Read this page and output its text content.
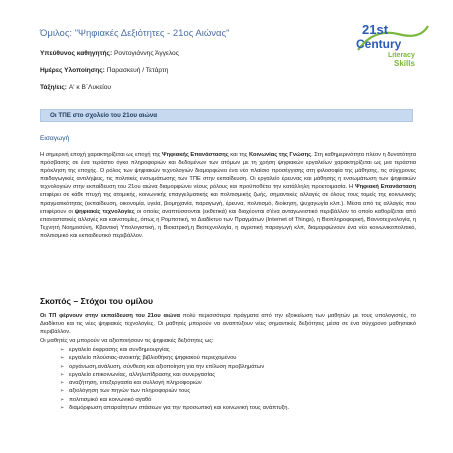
Όμιλος: "Ψηφιακές Δεξιότητες - 21ος Αιώνας"	21st
Century
Literacy
Skills
Υπεύθυνος καθηγητής: Ροντογιάννης Άγγελος
Ημέρες Υλοποίησης: Παρασκευή / Τετάρτη
Τάξη/εις: Α' κ Β΄Λυκείου
Οι ΤΠΕ στο σχολείο του 21ου αιώνα
Εισαγωγή
Η σημερινή εποχή χαρακτηρίζεται ως εποχή της Ψηφιακής Επανάστασης και της Κοινωνίας της Γνώσης. Στη καθημερινότητα πλέον η δυνατότητα πρόσβασης σε ένα τεράστιο όγκο πληροφοριών και δεδομένων των ατόμων με τη χρήση ψηφιακών εργαλείων χαρακτηρίζεται ως μια τεράστια πρόκληση της εποχής. Ο ρόλος των ψηφιακών τεχνολογιών διαμορφώνει ένα νέο πλαίσιο προσέγγισης στη φιλοσοφία της μάθησης, τις σύγχρονες παιδαγωγικές αντιλήψεις, τις πολιτικές ενσωμάτωσης των ΤΠΕ στην εκπαίδευση. Οι εργαλείο έρευνας και μάθησης η ενσωμάτωση των ψηφιακών τεχνολογιών στην εκπαίδευση του 21ου αιώνα διαμορφώνει νέους ρόλους και προϋποθέτει την κατάλληλη προετοιμασία. Η Ψηφιακή Επανάσταση επιφέρει σε κάθε πτυχή της ατομικής, κοινωνικής επαγγελματικής και πολιτισμικής ζωής, σημαντικές αλλαγές σε όλους τους τομείς της κοινωνικής πραγματικότητας (εκπαίδευση, οικονομία, υγεία, βιομηχανία, παραγωγή, έρευνα, πολιτισμό, διοίκηση, ψυχαγωγία κλπ.). Μέσα από τις αλλαγές που επιφέρουν οι ψηφιακές τεχνολογίες οι οποίες αναπτύσσονται (εκθετικά) και διαχέονται σ'ένα ανταγωνιστικό περιβάλλον το οποίο καθορίζεται από επαναστατικές αλλαγές και καινοτομίες, όπως η Ρομποτική, το Διαδίκτυο των Πραγμάτων (Internet of Things), η Βιοπληροφορική, Βαννοτεχνολογία, η Τεχνητή Νοημοσύνη, Κβαντική Υπολογιστική, η Βιοιατρική,η Βιοτεχνολογία, η αγροτική παραγωγή κλπ, διαμορφώνουν ένα νέο κοινωνικοπολιτικό, πολιτισμικό και εκπαιδευτικό περιβάλλον.
Σκοπός – Στόχοι του ομίλου
Οι ΤΠ φέρνουν στην εκπαίδευση του 21ου αιώνα πολύ περισσότερα πράγματα από την εξοικείωση των μαθητών με τους υπολογιστές, το Διαδίκτυο και τις νέες ψηφιακές τεχνολογίες. Οι μαθητές μπορούν να αναπτύξουν νέες σημαντικές δεξιότητες μέσα σε ένα σύγχρονο μαθησιακό περιβάλλον.
Οι μαθητές να μπορούν να αξιοποιήσουν τις ψηφιακές δεξιότητες ως:
➢ εργαλείο έκφρασης και συνδημιουργίας
➢ εργαλείο πλούσιας-ανοικτής βιβλιοθήκης ψηφιακού περιεχομένου
➢ οργάνωση,ανάλυση, σύνθεση και αξιοποίηση για την επίλυση προβλημάτων
➢ εργαλείο επικοινωνίας, αλληλεπίδρασης και συνεργασίας
➢ αναζήτηση, επεξεργασία και συλλογή πληροφοριών
➢ αξιολόγηση των πηγών των πληροφοριών τους
➢ πολιτισμικό και κοινωνικό αγαθό
➢ διαμόρφωση απαραίτητων στάσεων για την προσωπική και κοινωνική τους ανάπτυξη.
